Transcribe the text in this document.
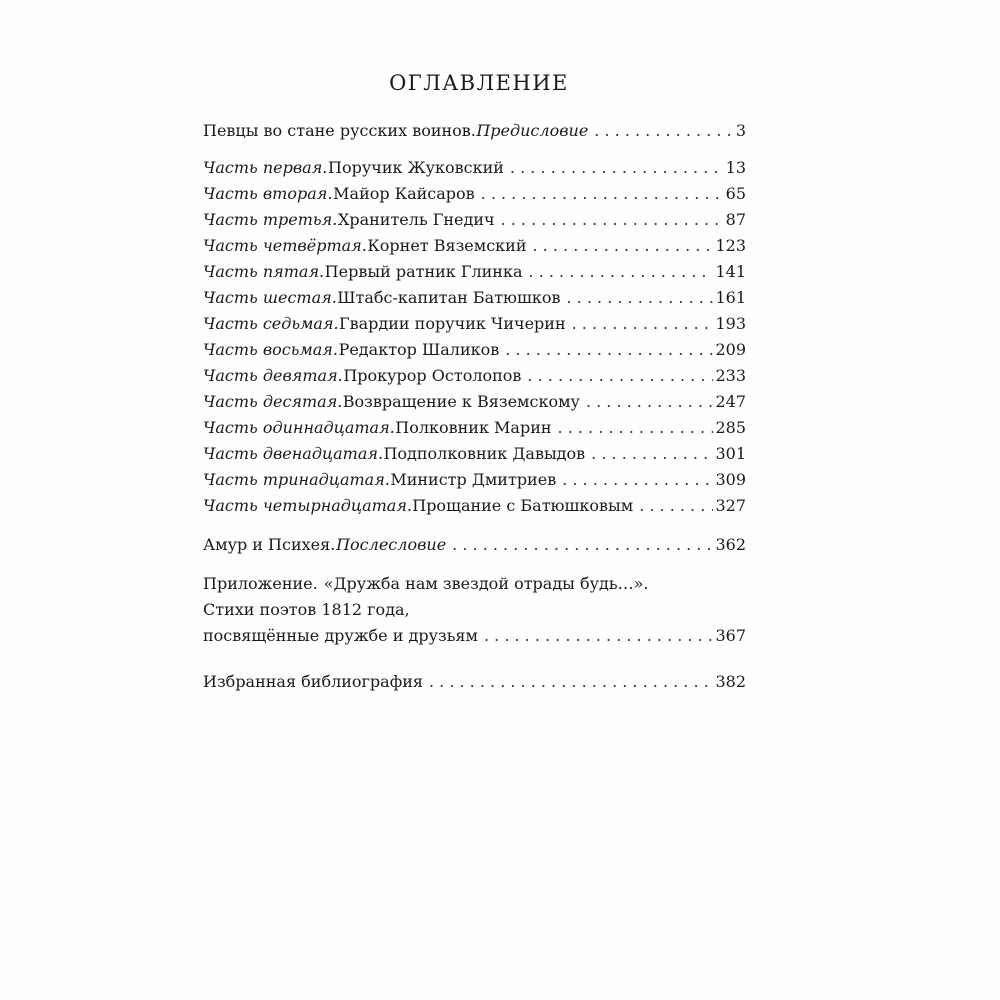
ОГЛАВЛЕНИЕ
Певцы во стане русских воинов. Предисловие . . .	3
Часть первая. Поручик Жуковский . . .	13
Часть вторая. Майор Кайсаров . . .	65
Часть третья. Хранитель Гнедич . . .	87
Часть четвёртая. Корнет Вяземский . . .	123
Часть пятая. Первый ратник Глинка . . .	141
Часть шестая. Штабс-капитан Батюшков . . .	161
Часть седьмая. Гвардии поручик Чичерин . . .	193
Часть восьмая. Редактор Шаликов . . .	209
Часть девятая. Прокурор Остолопов . . .	233
Часть десятая. Возвращение к Вяземскому . . .	247
Часть одиннадцатая. Полковник Марин . . .	285
Часть двенадцатая. Подполковник Давыдов . . .	301
Часть тринадцатая. Министр Дмитриев . . .	309
Часть четырнадцатая. Прощание с Батюшковым . . .	327
Амур и Психея. Послесловие . . .	362
Приложение. «Дружба нам звездой отрады будь…».
Стихи поэтов 1812 года,
посвящённые дружбе и друзьям . . .	367
Избранная библиография . . .	382
